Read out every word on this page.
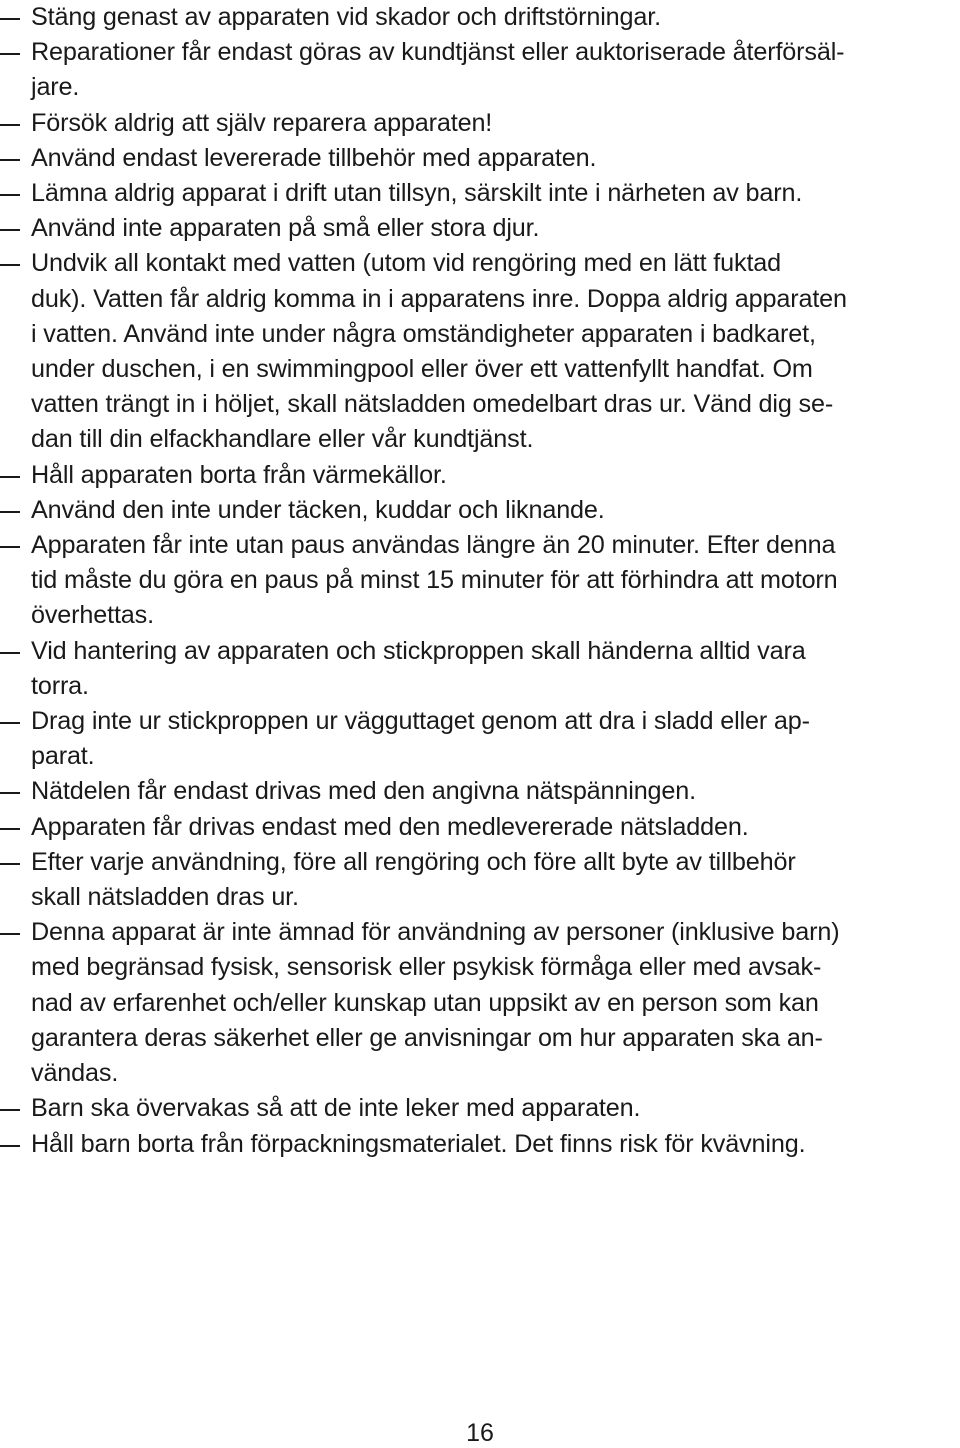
Stäng genast av apparaten vid skador och driftstörningar.
Reparationer får endast göras av kundtjänst eller auktoriserade återförsäl-
jare.
Försök aldrig att själv reparera apparaten!
Använd endast levererade tillbehör med apparaten.
Lämna aldrig apparat i drift utan tillsyn, särskilt inte i närheten av barn.
Använd inte apparaten på små eller stora djur.
Undvik all kontakt med vatten (utom vid rengöring med en lätt fuktad
duk). Vatten får aldrig komma in i apparatens inre. Doppa aldrig apparaten
i vatten. Använd inte under några omständigheter apparaten i badkaret,
under duschen, i en swimmingpool eller över ett vattenfyllt handfat. Om
vatten trängt in i höljet, skall nätsladden omedelbart dras ur. Vänd dig se-
dan till din elfackhandlare eller vår kundtjänst.
Håll apparaten borta från värmekällor.
Använd den inte under täcken, kuddar och liknande.
Apparaten får inte utan paus användas längre än 20 minuter. Efter denna
tid måste du göra en paus på minst 15 minuter för att förhindra att motorn
överhettas.
Vid hantering av apparaten och stickproppen skall händerna alltid vara
torra.
Drag inte ur stickproppen ur vägguttaget genom att dra i sladd eller ap-
parat.
Nätdelen får endast drivas med den angivna nätspänningen.
Apparaten får drivas endast med den medlevererade nätsladden.
Efter varje användning, före all rengöring och före allt byte av tillbehör
skall nätsladden dras ur.
Denna apparat är inte ämnad för användning av personer (inklusive barn)
med begränsad fysisk, sensorisk eller psykisk förmåga eller med avsak-
nad av erfarenhet och/eller kunskap utan uppsikt av en person som kan
garantera deras säkerhet eller ge anvisningar om hur apparaten ska an-
vändas.
Barn ska övervakas så att de inte leker med apparaten.
Håll barn borta från förpackningsmaterialet. Det finns risk för kvävning.
16
